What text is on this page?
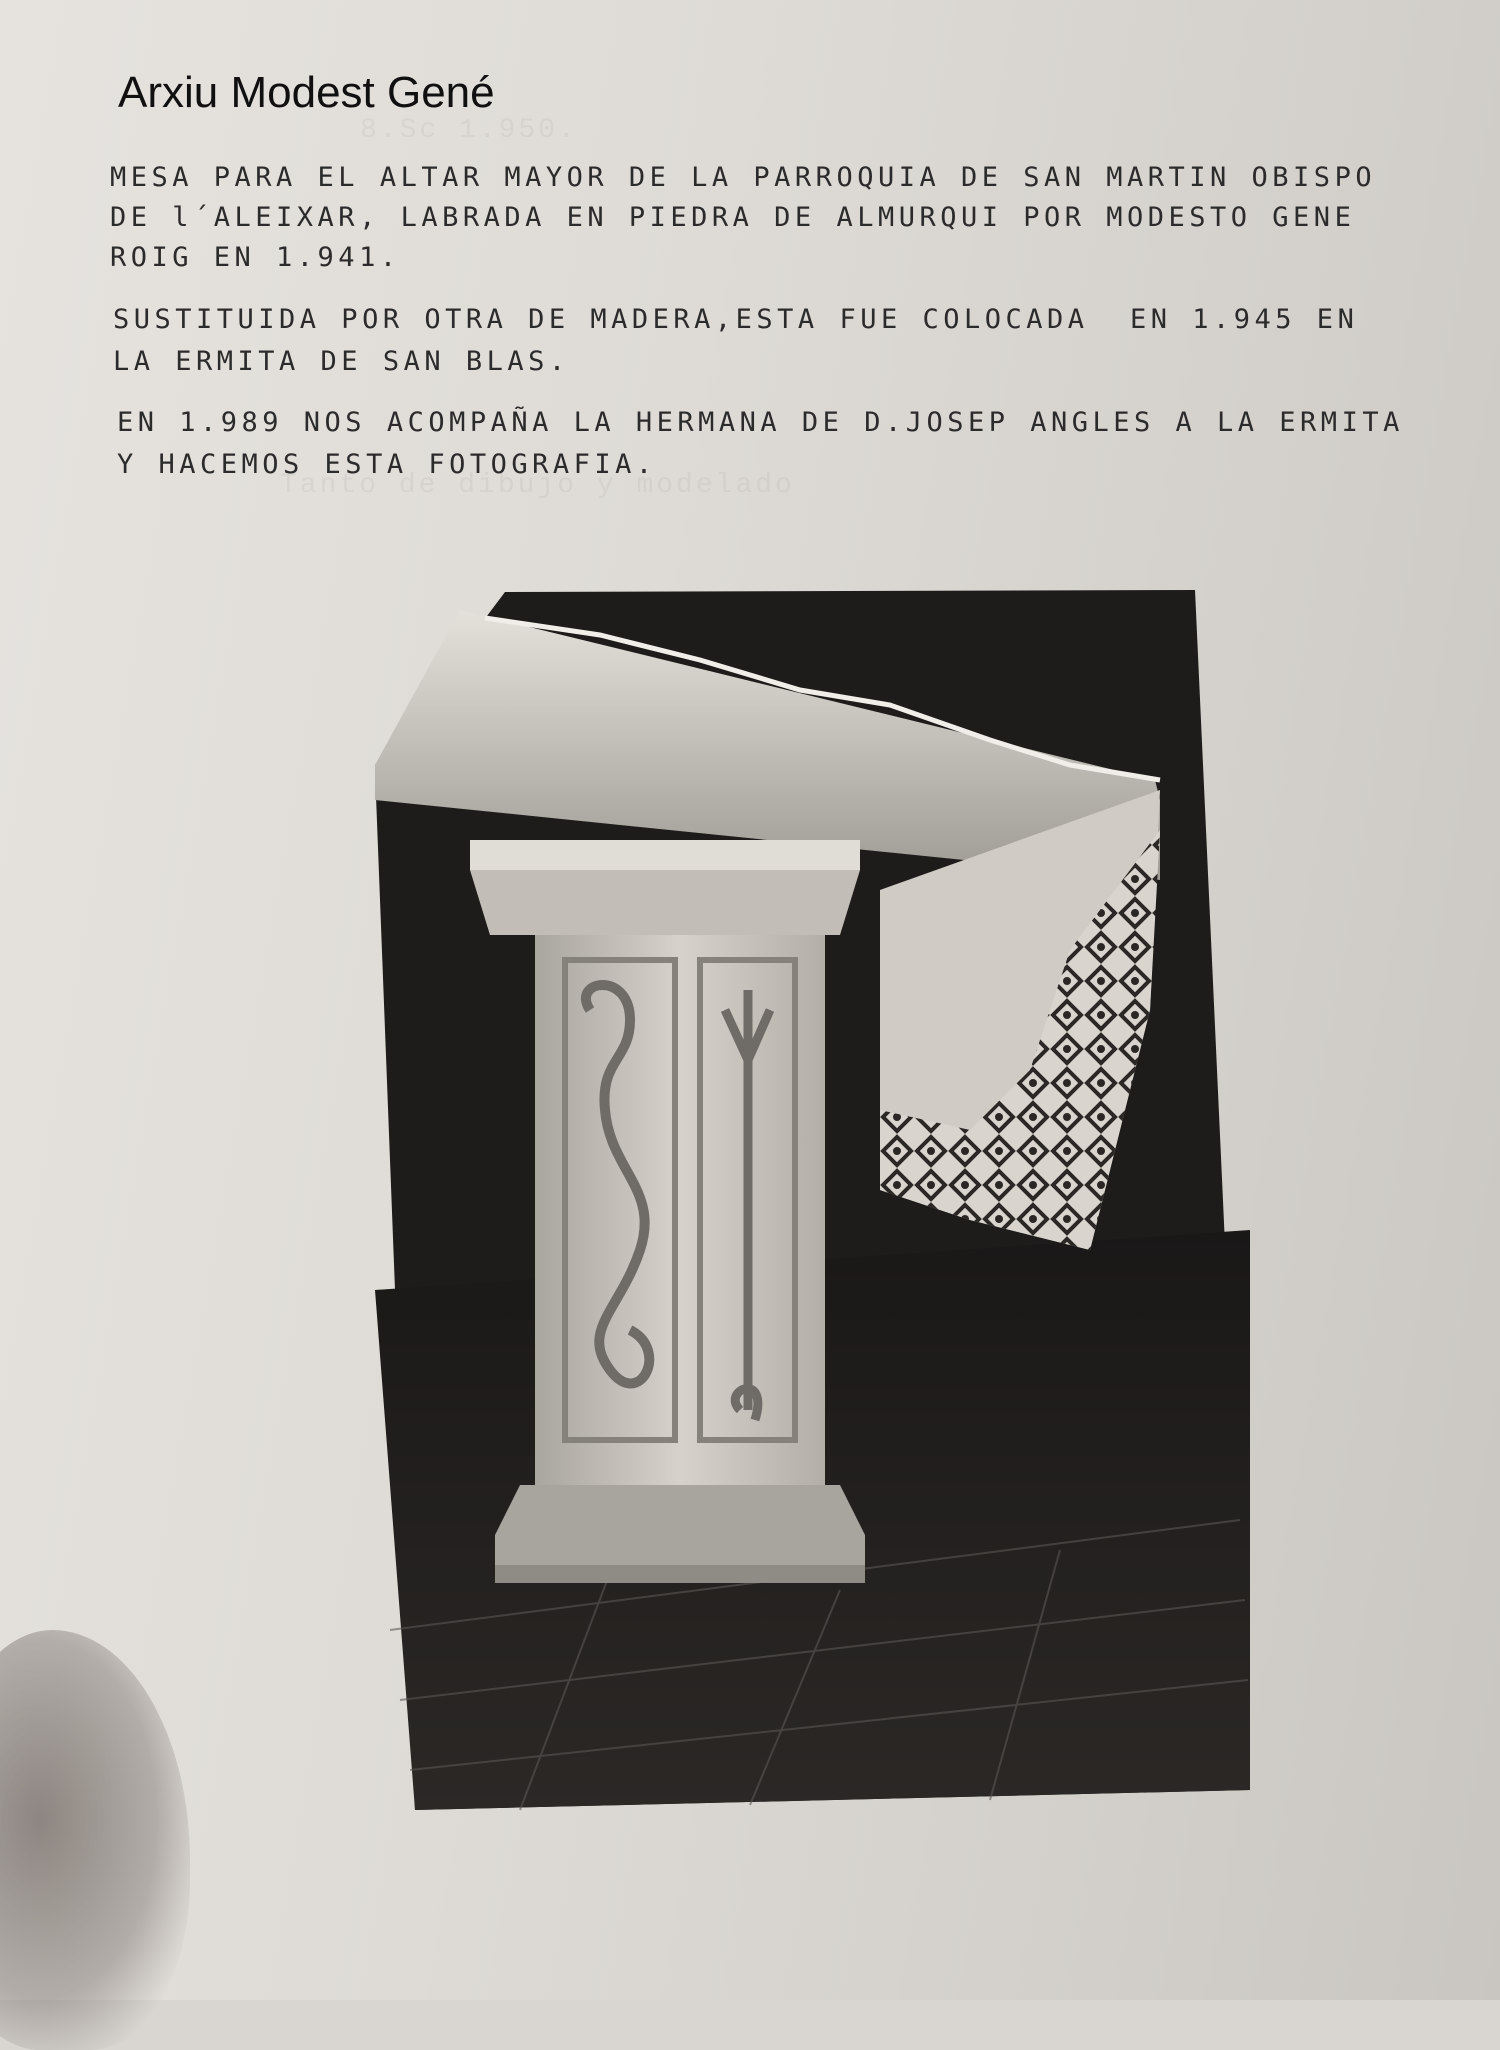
8.Sc 1.950.
Tanto de dibujo y modelado
Arxiu Modest Gené

MESA PARA EL ALTAR MAYOR DE LA PARROQUIA DE SAN MARTIN OBISPO

DE l´ALEIXAR, LABRADA EN PIEDRA DE ALMURQUI POR MODESTO GENE

ROIG EN 1.941.

SUSTITUIDA POR OTRA DE MADERA,ESTA FUE COLOCADA  EN 1.945 EN

LA ERMITA DE SAN BLAS.

EN 1.989 NOS ACOMPAÑA LA HERMANA DE D.JOSEP ANGLES A LA ERMITA

Y HACEMOS ESTA FOTOGRAFIA.
